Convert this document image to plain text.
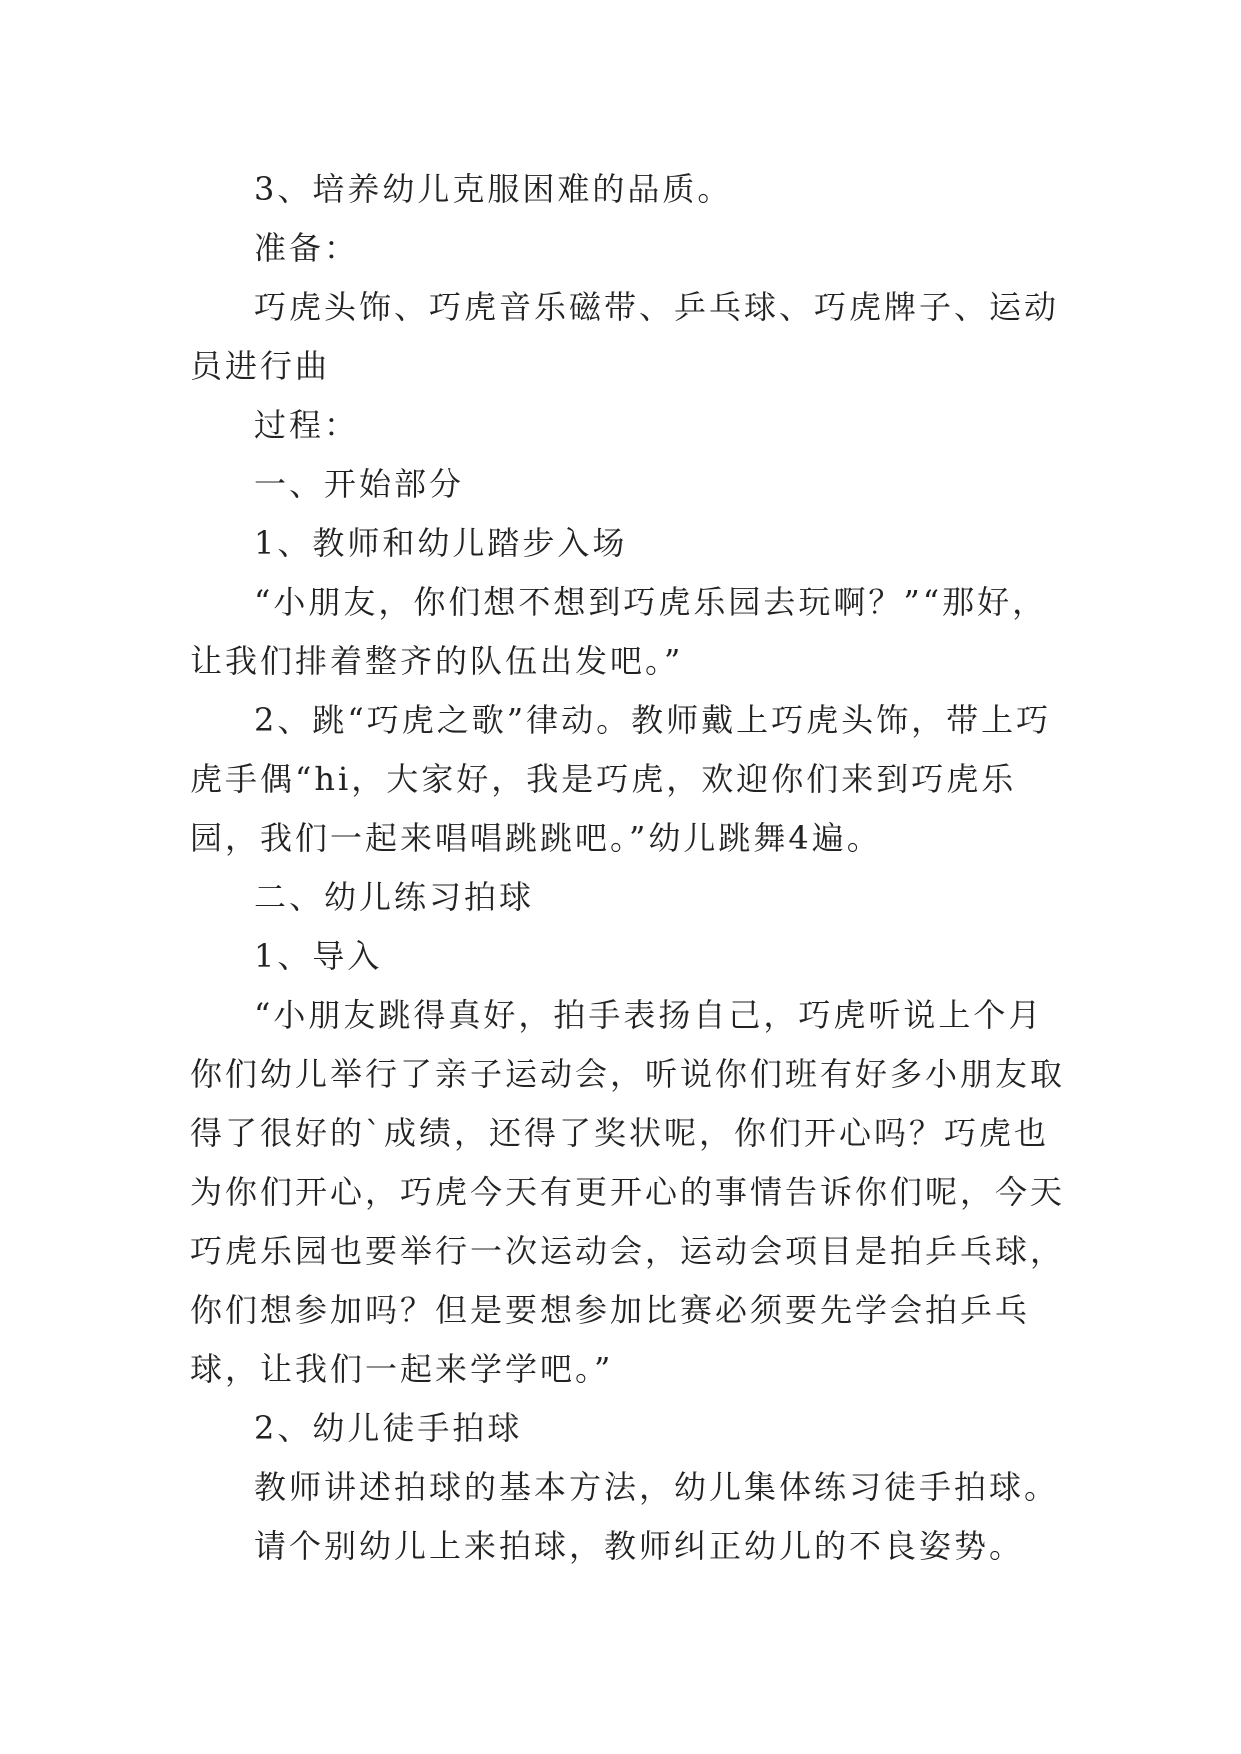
3、培养幼儿克服困难的品质。

准备：

巧虎头饰、巧虎音乐磁带、乒乓球、巧虎牌子、运动员进行曲

过程：

一、开始部分

1、教师和幼儿踏步入场

“小朋友，你们想不想到巧虎乐园去玩啊？”“那好，让我们排着整齐的队伍出发吧。”

2、跳“巧虎之歌”律动。教师戴上巧虎头饰，带上巧虎手偶“hi，大家好，我是巧虎，欢迎你们来到巧虎乐园，我们一起来唱唱跳跳吧。”幼儿跳舞4遍。

二、幼儿练习拍球

1、导入

“小朋友跳得真好，拍手表扬自己，巧虎听说上个月你们幼儿举行了亲子运动会，听说你们班有好多小朋友取得了很好的`成绩，还得了奖状呢，你们开心吗？巧虎也为你们开心，巧虎今天有更开心的事情告诉你们呢，今天巧虎乐园也要举行一次运动会，运动会项目是拍乒乓球，你们想参加吗？但是要想参加比赛必须要先学会拍乒乓球，让我们一起来学学吧。”

2、幼儿徒手拍球

教师讲述拍球的基本方法，幼儿集体练习徒手拍球。

请个别幼儿上来拍球，教师纠正幼儿的不良姿势。
